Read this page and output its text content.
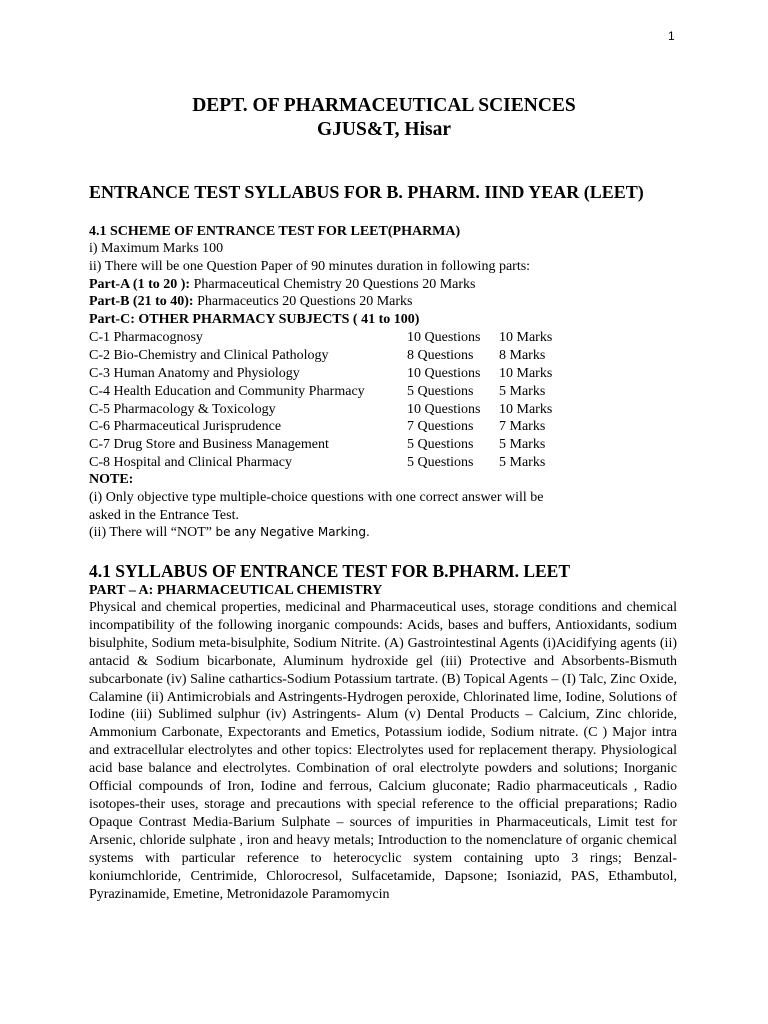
1
DEPT. OF PHARMACEUTICAL SCIENCES
GJUS&T, Hisar
ENTRANCE TEST SYLLABUS FOR B. PHARM. IIND YEAR (LEET)
4.1 SCHEME OF ENTRANCE TEST FOR LEET(PHARMA)
i) Maximum Marks 100
ii) There will be one Question Paper of 90 minutes duration in following parts:
Part-A (1 to 20 ): Pharmaceutical Chemistry 20 Questions 20 Marks
Part-B (21 to 40): Pharmaceutics 20 Questions 20 Marks
Part-C: OTHER PHARMACY SUBJECTS ( 41 to 100)
C-1 Pharmacognosy	10 Questions 10 Marks
C-2 Bio-Chemistry and Clinical Pathology	8 Questions 8 Marks
C-3 Human Anatomy and Physiology	10 Questions 10 Marks
C-4 Health Education and Community Pharmacy	5 Questions 5 Marks
C-5 Pharmacology & Toxicology	10 Questions 10 Marks
C-6 Pharmaceutical Jurisprudence	7 Questions 7 Marks
C-7 Drug Store and Business Management	5 Questions 5 Marks
C-8 Hospital and Clinical Pharmacy	5 Questions 5 Marks
NOTE:
(i) Only objective type multiple-choice questions with one correct answer will be
asked in the Entrance Test.
(ii) There will “NOT” be any Negative Marking.
4.1 SYLLABUS OF ENTRANCE TEST FOR B.PHARM. LEET
PART – A: PHARMACEUTICAL CHEMISTRY

Physical and chemical properties, medicinal and Pharmaceutical uses, storage conditions and chemical incompatibility of the following inorganic compounds: Acids, bases and buffers, Antioxidants, sodium bisulphite, Sodium meta-bisulphite, Sodium Nitrite. (A) Gastrointestinal Agents (i)Acidifying agents (ii) antacid & Sodium bicarbonate, Aluminum hydroxide gel (iii) Protective and Absorbents-Bismuth subcarbonate (iv) Saline cathartics-Sodium Potassium tartrate. (B) Topical Agents – (I) Talc, Zinc Oxide, Calamine (ii) Antimicrobials and Astringents-Hydrogen peroxide, Chlorinated lime, Iodine, Solutions of Iodine (iii) Sublimed sulphur (iv) Astringents- Alum (v) Dental Products – Calcium, Zinc chloride, Ammonium Carbonate, Expectorants and Emetics, Potassium iodide, Sodium nitrate. (C ) Major intra and extracellular electrolytes and other topics: Electrolytes used for replacement therapy. Physiological acid base balance and electrolytes. Combination of oral electrolyte powders and solutions; Inorganic Official compounds of Iron, Iodine and ferrous, Calcium gluconate; Radio pharmaceuticals , Radio isotopes-their uses, storage and precautions with special reference to the official preparations; Radio Opaque Contrast Media-Barium Sulphate – sources of impurities in Pharmaceuticals, Limit test for Arsenic, chloride sulphate , iron and heavy metals; Introduction to the nomenclature of organic chemical systems with particular reference to heterocyclic system containing upto 3 rings; Benzal-koniumchloride, Centrimide, Chlorocresol, Sulfacetamide, Dapsone; Isoniazid, PAS, Ethambutol, Pyrazinamide, Emetine, Metronidazole Paramomycin
